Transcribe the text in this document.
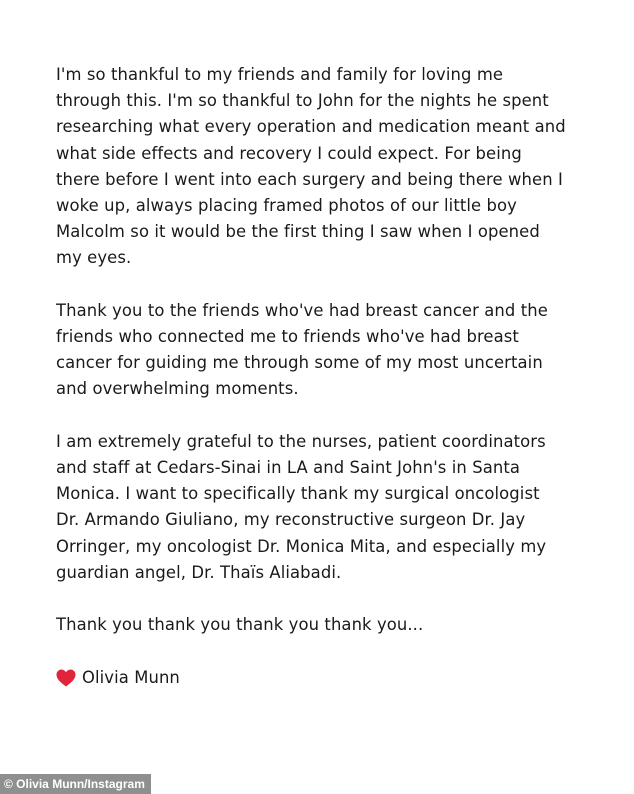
I'm so thankful to my friends and family for loving me
through this. I'm so thankful to John for the nights he spent
researching what every operation and medication meant and
what side effects and recovery I could expect. For being
there before I went into each surgery and being there when I
woke up, always placing framed photos of our little boy
Malcolm so it would be the first thing I saw when I opened
my eyes.

Thank you to the friends who've had breast cancer and the
friends who connected me to friends who've had breast
cancer for guiding me through some of my most uncertain
and overwhelming moments.

I am extremely grateful to the nurses, patient coordinators
and staff at Cedars-Sinai in LA and Saint John's in Santa
Monica. I want to specifically thank my surgical oncologist
Dr. Armando Giuliano, my reconstructive surgeon Dr. Jay
Orringer, my oncologist Dr. Monica Mita, and especially my
guardian angel, Dr. Thaïs Aliabadi.

Thank you thank you thank you thank you...

Olivia Munn
© Olivia Munn/Instagram
